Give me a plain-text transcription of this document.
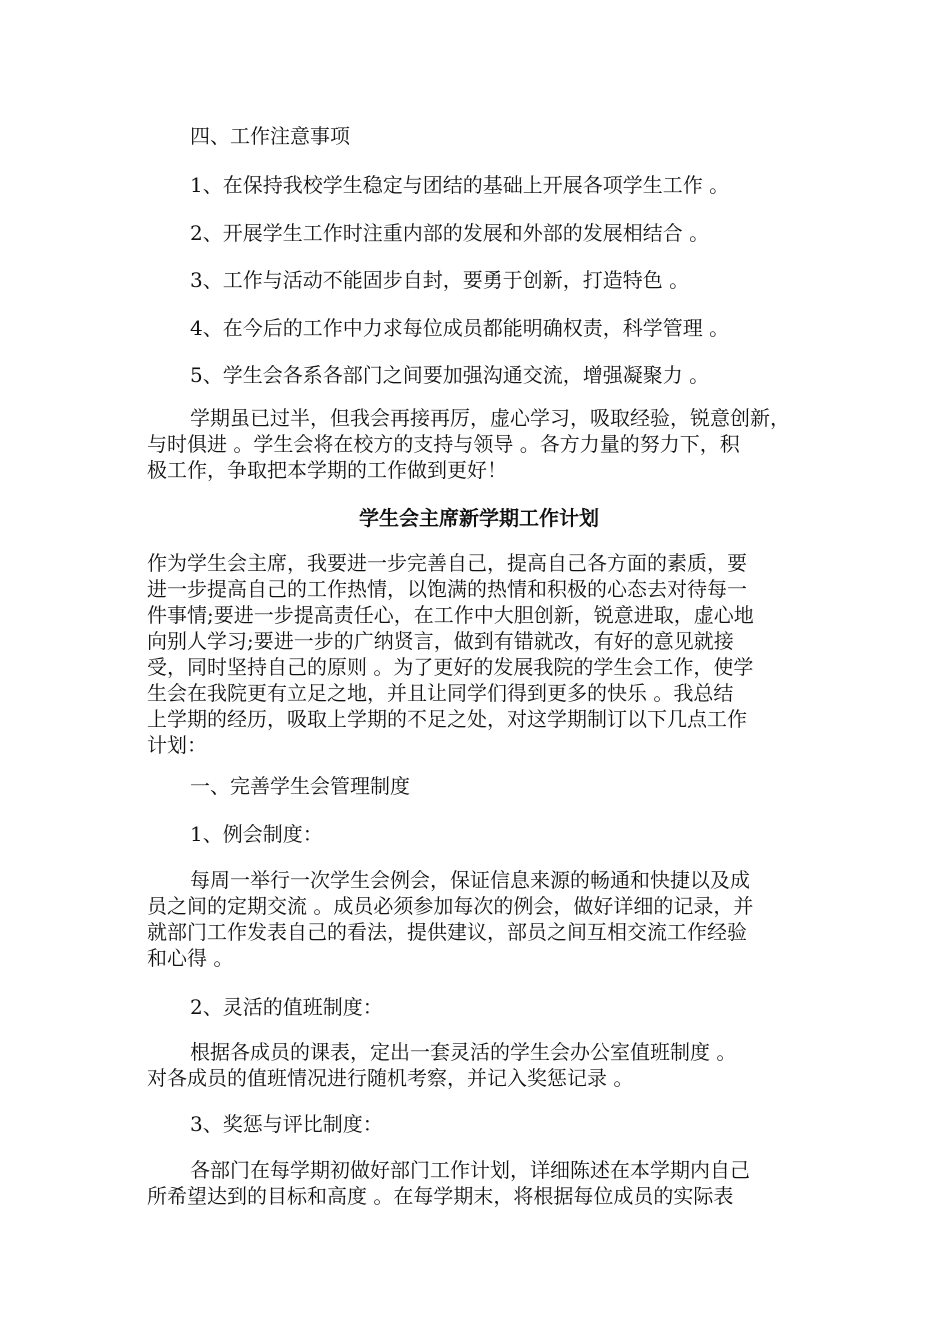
四、工作注意事项

1、在保持我校学生稳定与团结的基础上开展各项学生工作 。

2、开展学生工作时注重内部的发展和外部的发展相结合 。

3、工作与活动不能固步自封，要勇于创新，打造特色 。

4、在今后的工作中力求每位成员都能明确权责，科学管理 。

5、学生会各系各部门之间要加强沟通交流，增强凝聚力 。

学期虽已过半，但我会再接再厉，虚心学习，吸取经验，锐意创新，
与时俱进 。学生会将在校方的支持与领导 。各方力量的努力下，积
极工作，争取把本学期的工作做到更好！

学生会主席新学期工作计划

作为学生会主席，我要进一步完善自己，提高自己各方面的素质，要
进一步提高自己的工作热情，以饱满的热情和积极的心态去对待每一
件事情;要进一步提高责任心，在工作中大胆创新，锐意进取，虚心地
向别人学习;要进一步的广纳贤言，做到有错就改，有好的意见就接
受，同时坚持自己的原则 。为了更好的发展我院的学生会工作，使学
生会在我院更有立足之地，并且让同学们得到更多的快乐 。我总结
上学期的经历，吸取上学期的不足之处，对这学期制订以下几点工作
计划：

一、完善学生会管理制度

1、例会制度：

每周一举行一次学生会例会，保证信息来源的畅通和快捷以及成
员之间的定期交流 。成员必须参加每次的例会，做好详细的记录，并
就部门工作发表自己的看法，提供建议，部员之间互相交流工作经验
和心得 。

2、灵活的值班制度：

根据各成员的课表，定出一套灵活的学生会办公室值班制度 。
对各成员的值班情况进行随机考察，并记入奖惩记录 。

3、奖惩与评比制度：

各部门在每学期初做好部门工作计划，详细陈述在本学期内自己
所希望达到的目标和高度 。在每学期末，将根据每位成员的实际表
